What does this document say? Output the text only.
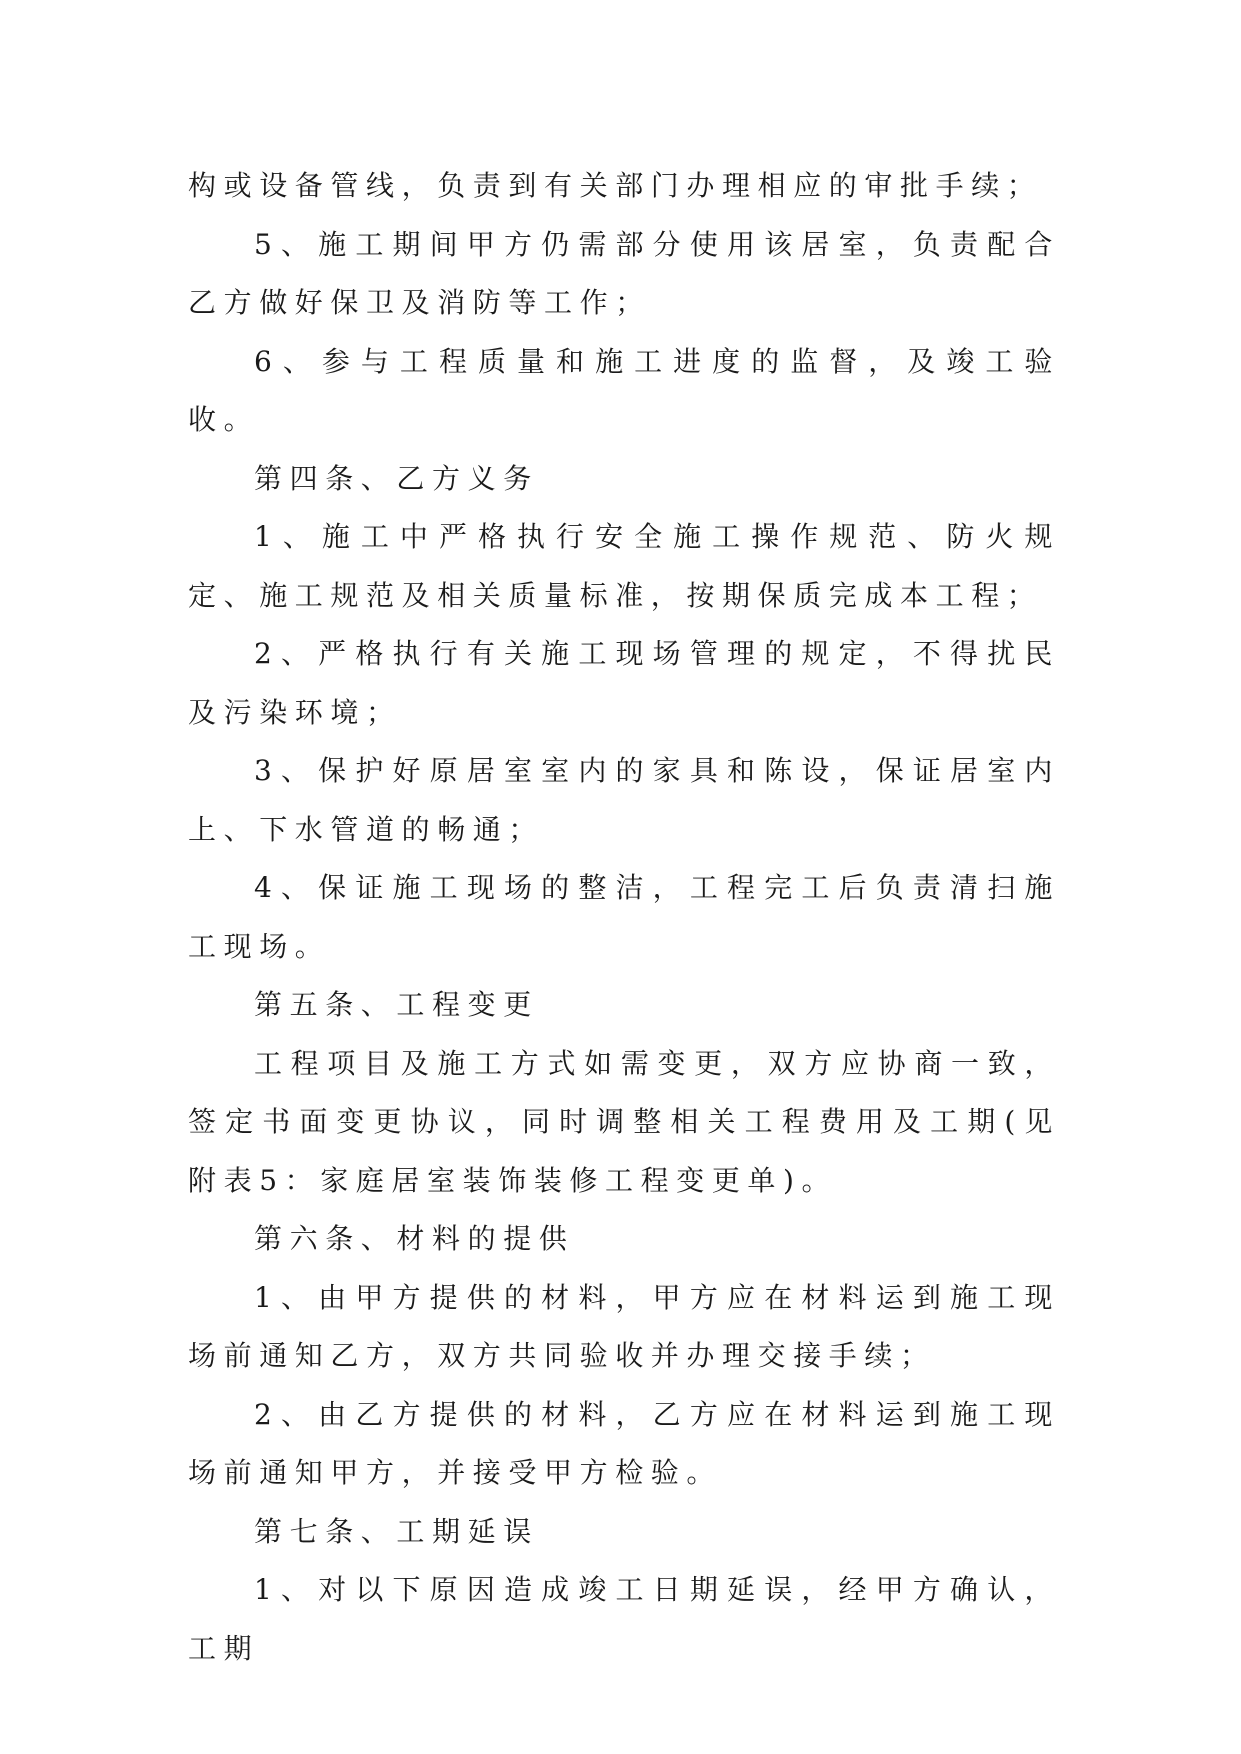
构或设备管线，负责到有关部门办理相应的审批手续；

5、施工期间甲方仍需部分使用该居室，负责配合乙方做好保卫及消防等工作；

6、参与工程质量和施工进度的监督，及竣工验收。

第四条、乙方义务

1、施工中严格执行安全施工操作规范、防火规定、施工规范及相关质量标准，按期保质完成本工程；

2、严格执行有关施工现场管理的规定，不得扰民及污染环境；

3、保护好原居室室内的家具和陈设，保证居室内上、下水管道的畅通；

4、保证施工现场的整洁，工程完工后负责清扫施工现场。

第五条、工程变更

工程项目及施工方式如需变更，双方应协商一致，签定书面变更协议，同时调整相关工程费用及工期(见附表5：家庭居室装饰装修工程变更单)。

第六条、材料的提供

1、由甲方提供的材料，甲方应在材料运到施工现场前通知乙方，双方共同验收并办理交接手续；

2、由乙方提供的材料，乙方应在材料运到施工现场前通知甲方，并接受甲方检验。

第七条、工期延误

1、对以下原因造成竣工日期延误，经甲方确认，工期
